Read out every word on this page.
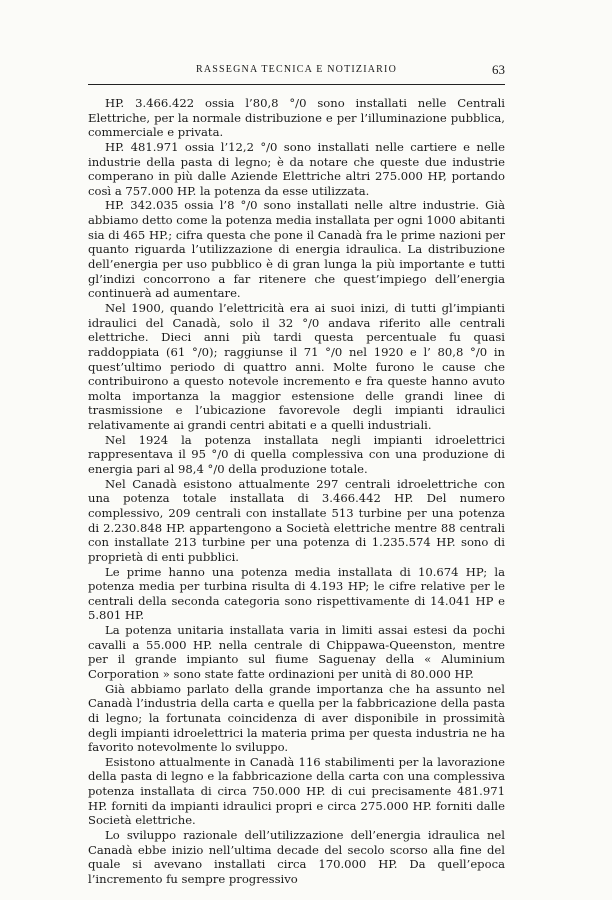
RASSEGNA TECNICA E NOTIZIARIO	63

HP. 3.466.422 ossia l’80,8 °/0 sono installati nelle Centrali Elettriche, per la normale distribuzione e per l’illuminazione pubblica, commerciale e privata.

HP. 481.971 ossia l’12,2 °/0 sono installati nelle cartiere e nelle industrie della pasta di legno; è da notare che queste due industrie comperano in più dalle Aziende Elettriche altri 275.000 HP, portando così a 757.000 HP. la potenza da esse utilizzata.

HP. 342.035 ossia l’8 °/0 sono installati nelle altre industrie. Già abbiamo detto come la potenza media installata per ogni 1000 abitanti sia di 465 HP.; cifra questa che pone il Canadà fra le prime nazioni per quanto riguarda l’utilizzazione di energia idraulica. La distribuzione dell’energia per uso pubblico è di gran lunga la più importante e tutti gl’indizi concorrono a far ritenere che quest’impiego dell’energia continuerà ad aumentare.

Nel 1900, quando l’elettricità era ai suoi inizi, di tutti gl’impianti idraulici del Canadà, solo il 32 °/0 andava riferito alle centrali elettriche. Dieci anni più tardi questa percentuale fu quasi raddoppiata (61 °/0); raggiunse il 71 °/0 nel 1920 e l’ 80,8 °/0 in quest’ultimo periodo di quattro anni. Molte furono le cause che contribuirono a questo notevole incremento e fra queste hanno avuto molta importanza la maggior estensione delle grandi linee di trasmissione e l’ubicazione favorevole degli impianti idraulici relativamente ai grandi centri abitati e a quelli industriali.

Nel 1924 la potenza installata negli impianti idroelettrici rappresentava il 95 °/0 di quella complessiva con una produzione di energia pari al 98,4 °/0 della produzione totale.

Nel Canadà esistono attualmente 297 centrali idroelettriche con una potenza totale installata di 3.466.442 HP. Del numero complessivo, 209 centrali con installate 513 turbine per una potenza di 2.230.848 HP. appartengono a Società elettriche mentre 88 centrali con installate 213 turbine per una potenza di 1.235.574 HP. sono di proprietà di enti pubblici.

Le prime hanno una potenza media installata di 10.674 HP; la potenza media per turbina risulta di 4.193 HP; le cifre relative per le centrali della seconda categoria sono rispettivamente di 14.041 HP e 5.801 HP.

La potenza unitaria installata varia in limiti assai estesi da pochi cavalli a 55.000 HP. nella centrale di Chippawa-Queenston, mentre per il grande impianto sul fiume Saguenay della « Aluminium Corporation » sono state fatte ordinazioni per unità di 80.000 HP.

Già abbiamo parlato della grande importanza che ha assunto nel Canadà l’industria della carta e quella per la fabbricazione della pasta di legno; la fortunata coincidenza di aver disponibile in prossimità degli impianti idroelettrici la materia prima per questa industria ne ha favorito notevolmente lo sviluppo.

Esistono attualmente in Canadà 116 stabilimenti per la lavorazione della pasta di legno e la fabbricazione della carta con una complessiva potenza installata di circa 750.000 HP. di cui precisamente 481.971 HP. forniti da impianti idraulici propri e circa 275.000 HP. forniti dalle Società elettriche.

Lo sviluppo razionale dell’utilizzazione dell’energia idraulica nel Canadà ebbe inizio nell’ultima decade del secolo scorso alla fine del quale si avevano installati circa 170.000 HP. Da quell’epoca l’incremento fu sempre progressivo
